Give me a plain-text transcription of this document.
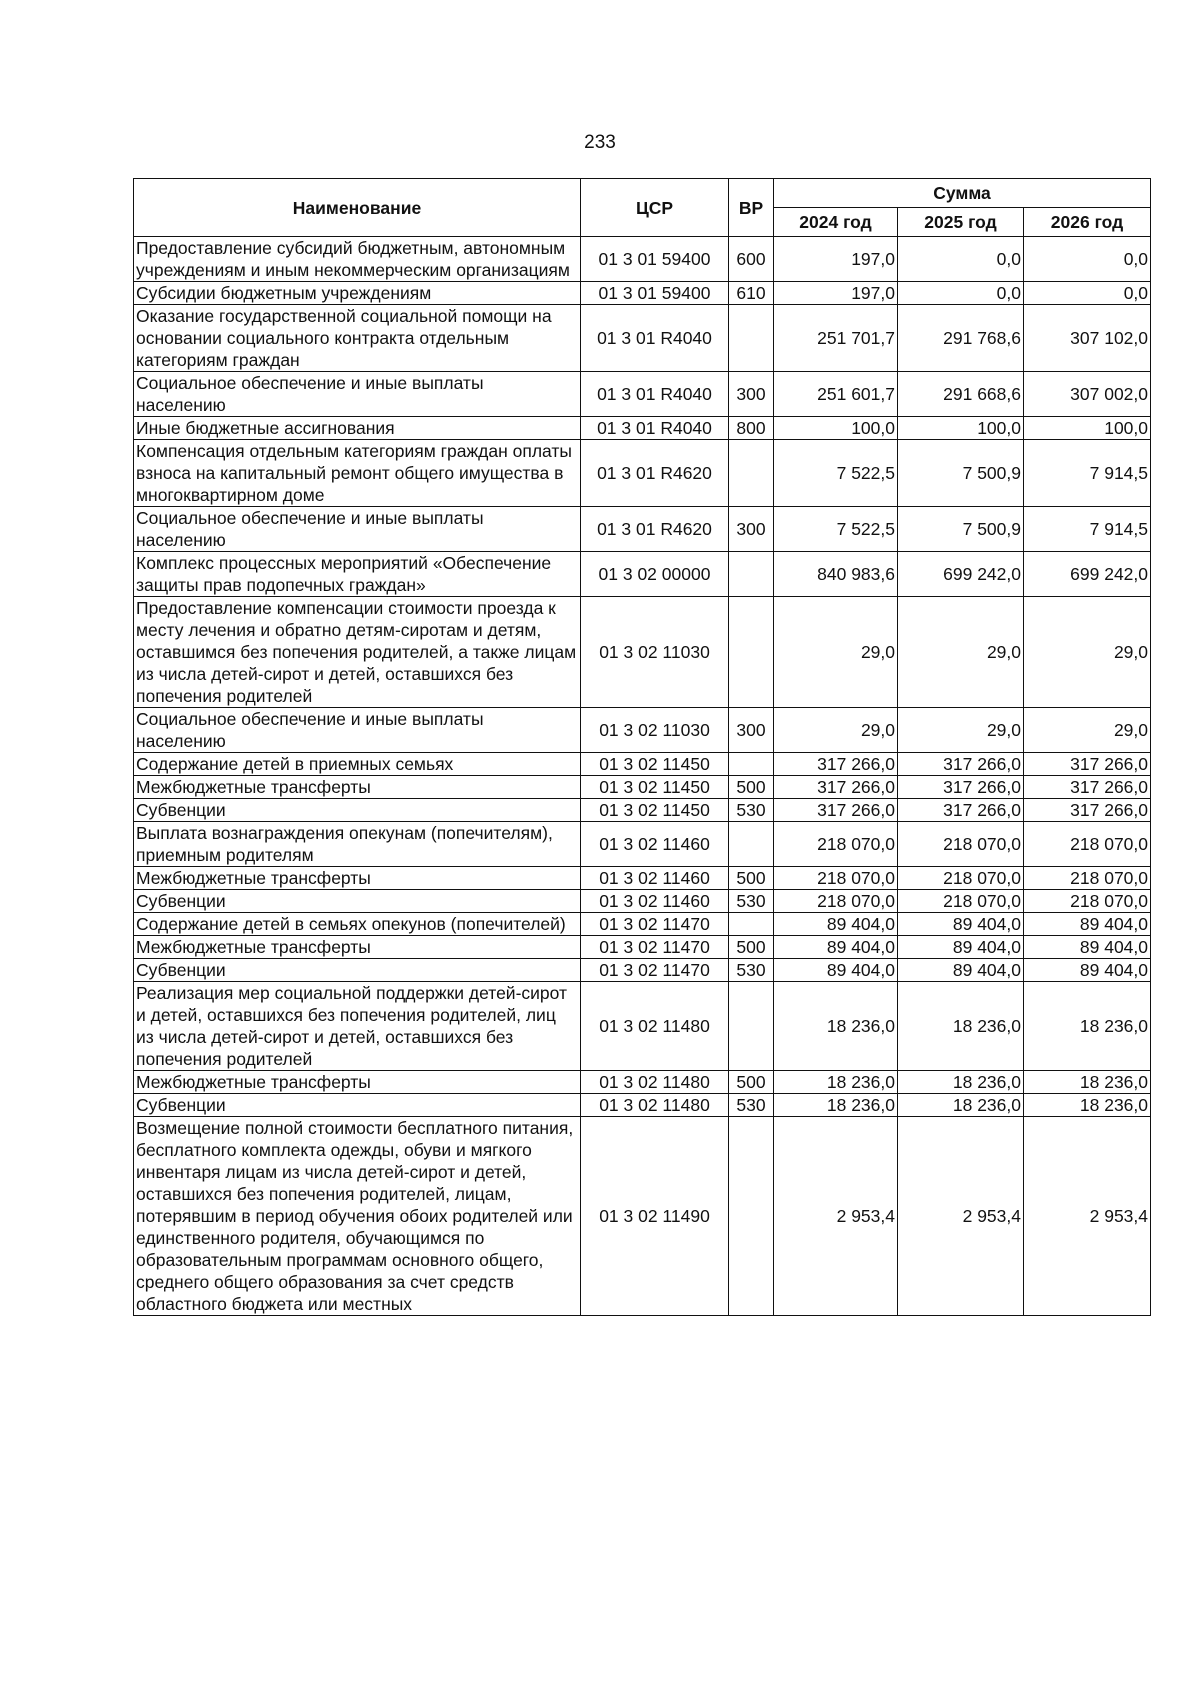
233
Наименование	ЦСР	ВР	Сумма		
			2024 год	2025 год	2026 год
Предоставление субсидий бюджетным, автономным учреждениям и иным некоммерческим организациям	01 3 01 59400	600	197,0	0,0	0,0
Субсидии бюджетным учреждениям	01 3 01 59400	610	197,0	0,0	0,0
Оказание государственной социальной помощи на основании социального контракта отдельным категориям граждан	01 3 01 R4040		251 701,7	291 768,6	307 102,0
Социальное обеспечение и иные выплаты населению	01 3 01 R4040	300	251 601,7	291 668,6	307 002,0
Иные бюджетные ассигнования	01 3 01 R4040	800	100,0	100,0	100,0
Компенсация отдельным категориям граждан оплаты взноса на капитальный ремонт общего имущества в многоквартирном доме	01 3 01 R4620		7 522,5	7 500,9	7 914,5
Социальное обеспечение и иные выплаты населению	01 3 01 R4620	300	7 522,5	7 500,9	7 914,5
Комплекс процессных мероприятий «Обеспечение защиты прав подопечных граждан»	01 3 02 00000		840 983,6	699 242,0	699 242,0
Предоставление компенсации стоимости проезда к месту лечения и обратно детям-сиротам и детям, оставшимся без попечения родителей, а также лицам из числа детей-сирот и детей, оставшихся без попечения родителей	01 3 02 11030		29,0	29,0	29,0
Социальное обеспечение и иные выплаты населению	01 3 02 11030	300	29,0	29,0	29,0
Содержание детей в приемных семьях	01 3 02 11450		317 266,0	317 266,0	317 266,0
Межбюджетные трансферты	01 3 02 11450	500	317 266,0	317 266,0	317 266,0
Субвенции	01 3 02 11450	530	317 266,0	317 266,0	317 266,0
Выплата вознаграждения опекунам (попечителям), приемным родителям	01 3 02 11460		218 070,0	218 070,0	218 070,0
Межбюджетные трансферты	01 3 02 11460	500	218 070,0	218 070,0	218 070,0
Субвенции	01 3 02 11460	530	218 070,0	218 070,0	218 070,0
Содержание детей в семьях опекунов (попечителей)	01 3 02 11470		89 404,0	89 404,0	89 404,0
Межбюджетные трансферты	01 3 02 11470	500	89 404,0	89 404,0	89 404,0
Субвенции	01 3 02 11470	530	89 404,0	89 404,0	89 404,0
Реализация мер социальной поддержки детей-сирот и детей, оставшихся без попечения родителей, лиц из числа детей-сирот и детей, оставшихся без попечения родителей	01 3 02 11480		18 236,0	18 236,0	18 236,0
Межбюджетные трансферты	01 3 02 11480	500	18 236,0	18 236,0	18 236,0
Субвенции	01 3 02 11480	530	18 236,0	18 236,0	18 236,0
Возмещение полной стоимости бесплатного питания, бесплатного комплекта одежды, обуви и мягкого инвентаря лицам из числа детей-сирот и детей, оставшихся без попечения родителей, лицам, потерявшим в период обучения обоих родителей или единственного родителя, обучающимся по образовательным программам основного общего, среднего общего образования за счет средств областного бюджета или местных	01 3 02 11490		2 953,4	2 953,4	2 953,4
